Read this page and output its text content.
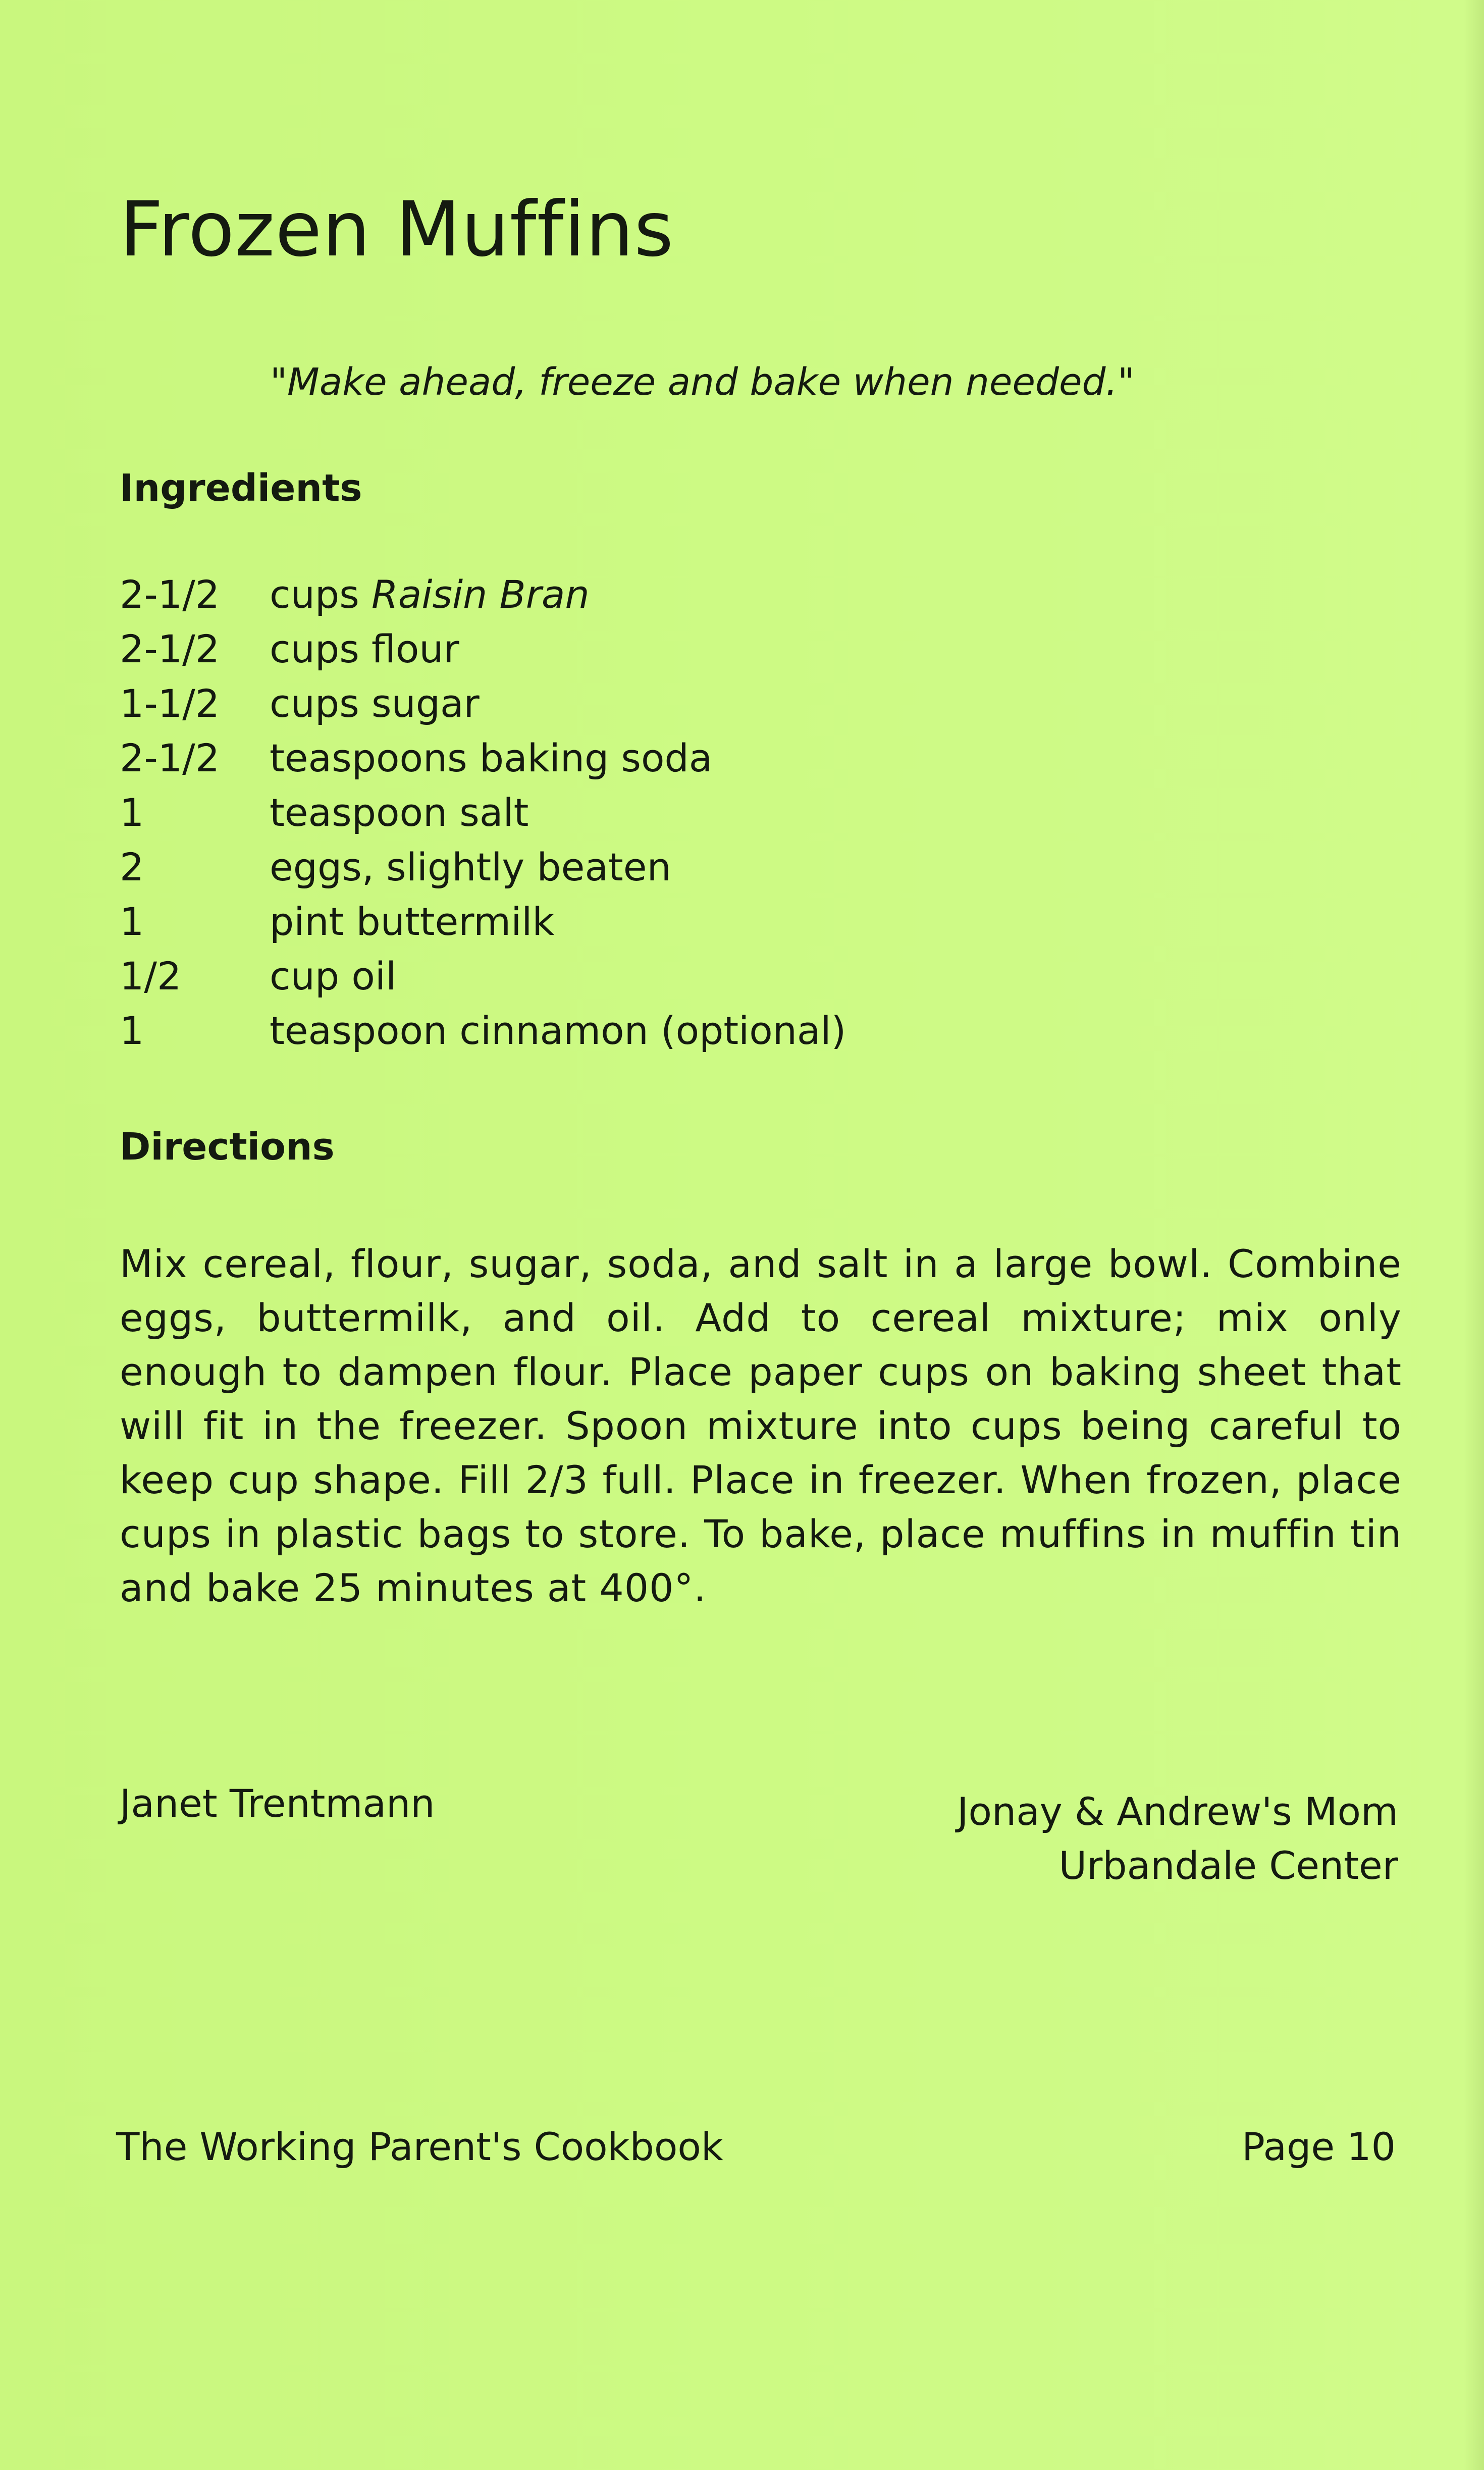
Frozen Muffins
"Make ahead, freeze and bake when needed."
Ingredients
2-1/2 cups Raisin Bran
2-1/2 cups flour
1-1/2 cups sugar
2-1/2 teaspoons baking soda
1	teaspoon salt
2	eggs, slightly beaten
1	pint buttermilk
1/2 cup oil
1	teaspoon cinnamon (optional)
Directions
Mix cereal, flour, sugar, soda, and salt in a large bowl. Combine eggs, buttermilk, and oil. Add to cereal mixture; mix only enough to dampen flour. Place paper cups on baking sheet that will fit in the freezer. Spoon mixture into cups being careful to keep cup shape. Fill 2/3 full. Place in freezer. When frozen, place cups in plastic bags to store. To bake, place muffins in muffin tin and bake 25 minutes at 400°.
Janet Trentmann	Jonay & Andrew's Mom
Urbandale Center
The Working Parent's Cookbook	Page 10
